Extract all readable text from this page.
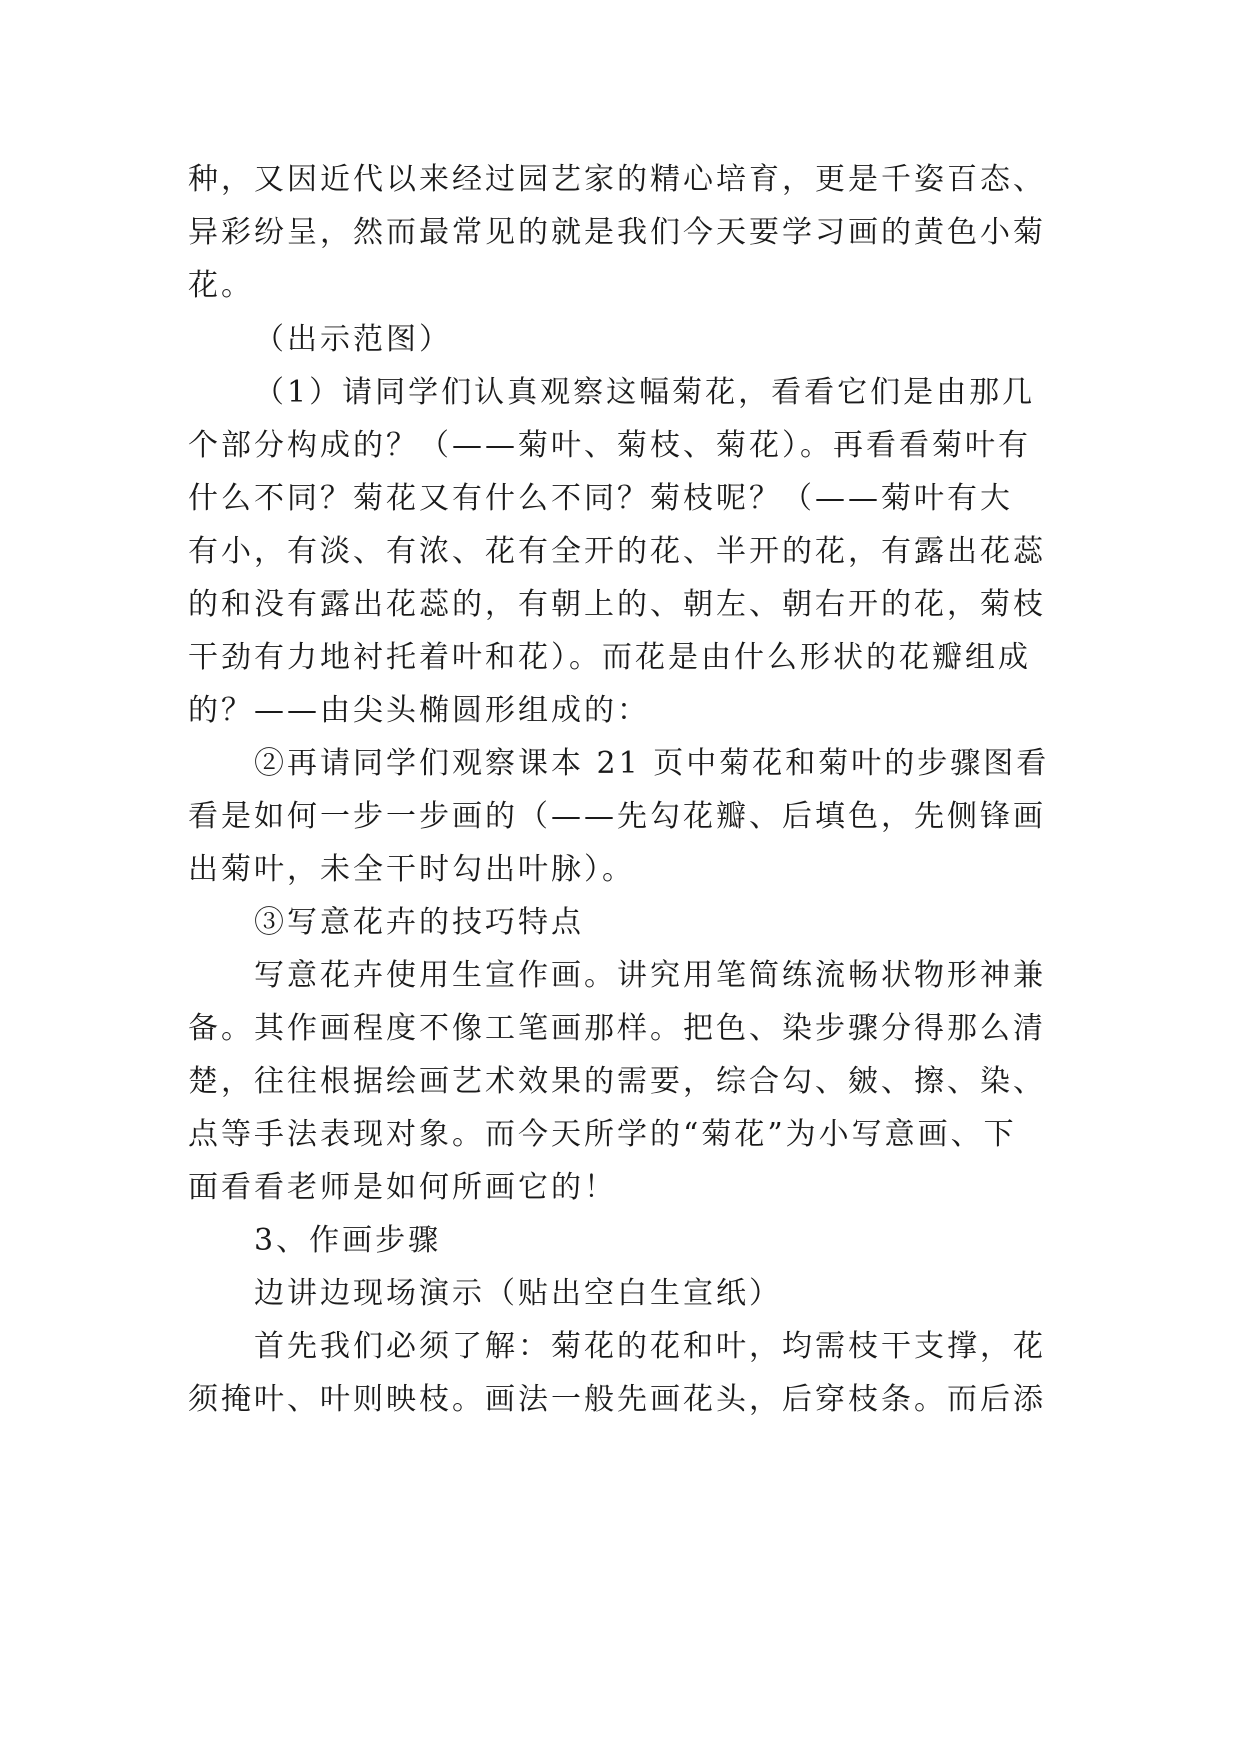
种，又因近代以来经过园艺家的精心培育，更是千姿百态、
异彩纷呈，然而最常见的就是我们今天要学习画的黄色小菊
花。
（出示范图）
（1）请同学们认真观察这幅菊花，看看它们是由那几
个部分构成的？（——菊叶、菊枝、菊花）。再看看菊叶有
什么不同？菊花又有什么不同？菊枝呢？（——菊叶有大
有小，有淡、有浓、花有全开的花、半开的花，有露出花蕊
的和没有露出花蕊的，有朝上的、朝左、朝右开的花，菊枝
干劲有力地衬托着叶和花）。而花是由什么形状的花瓣组成
的？——由尖头椭圆形组成的：
②再请同学们观察课本 21 页中菊花和菊叶的步骤图看
看是如何一步一步画的（——先勾花瓣、后填色，先侧锋画
出菊叶，未全干时勾出叶脉）。
③写意花卉的技巧特点
写意花卉使用生宣作画。讲究用笔简练流畅状物形神兼
备。其作画程度不像工笔画那样。把色、染步骤分得那么清
楚，往往根据绘画艺术效果的需要，综合勾、皴、擦、染、
点等手法表现对象。而今天所学的“菊花”为小写意画、下
面看看老师是如何所画它的！
3、作画步骤
边讲边现场演示（贴出空白生宣纸）
首先我们必须了解：菊花的花和叶，均需枝干支撑，花
须掩叶、叶则映枝。画法一般先画花头，后穿枝条。而后添
